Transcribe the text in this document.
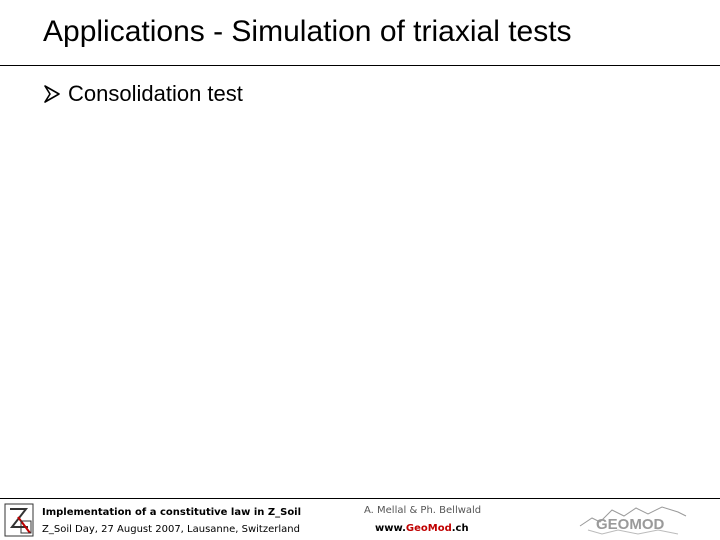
Applications - Simulation of triaxial tests
Consolidation test
Implementation of a constitutive law in Z_Soil
Z_Soil Day, 27 August 2007, Lausanne, Switzerland
A. Mellal & Ph. Bellwald
www.GeoMod.ch	GEOMOD
